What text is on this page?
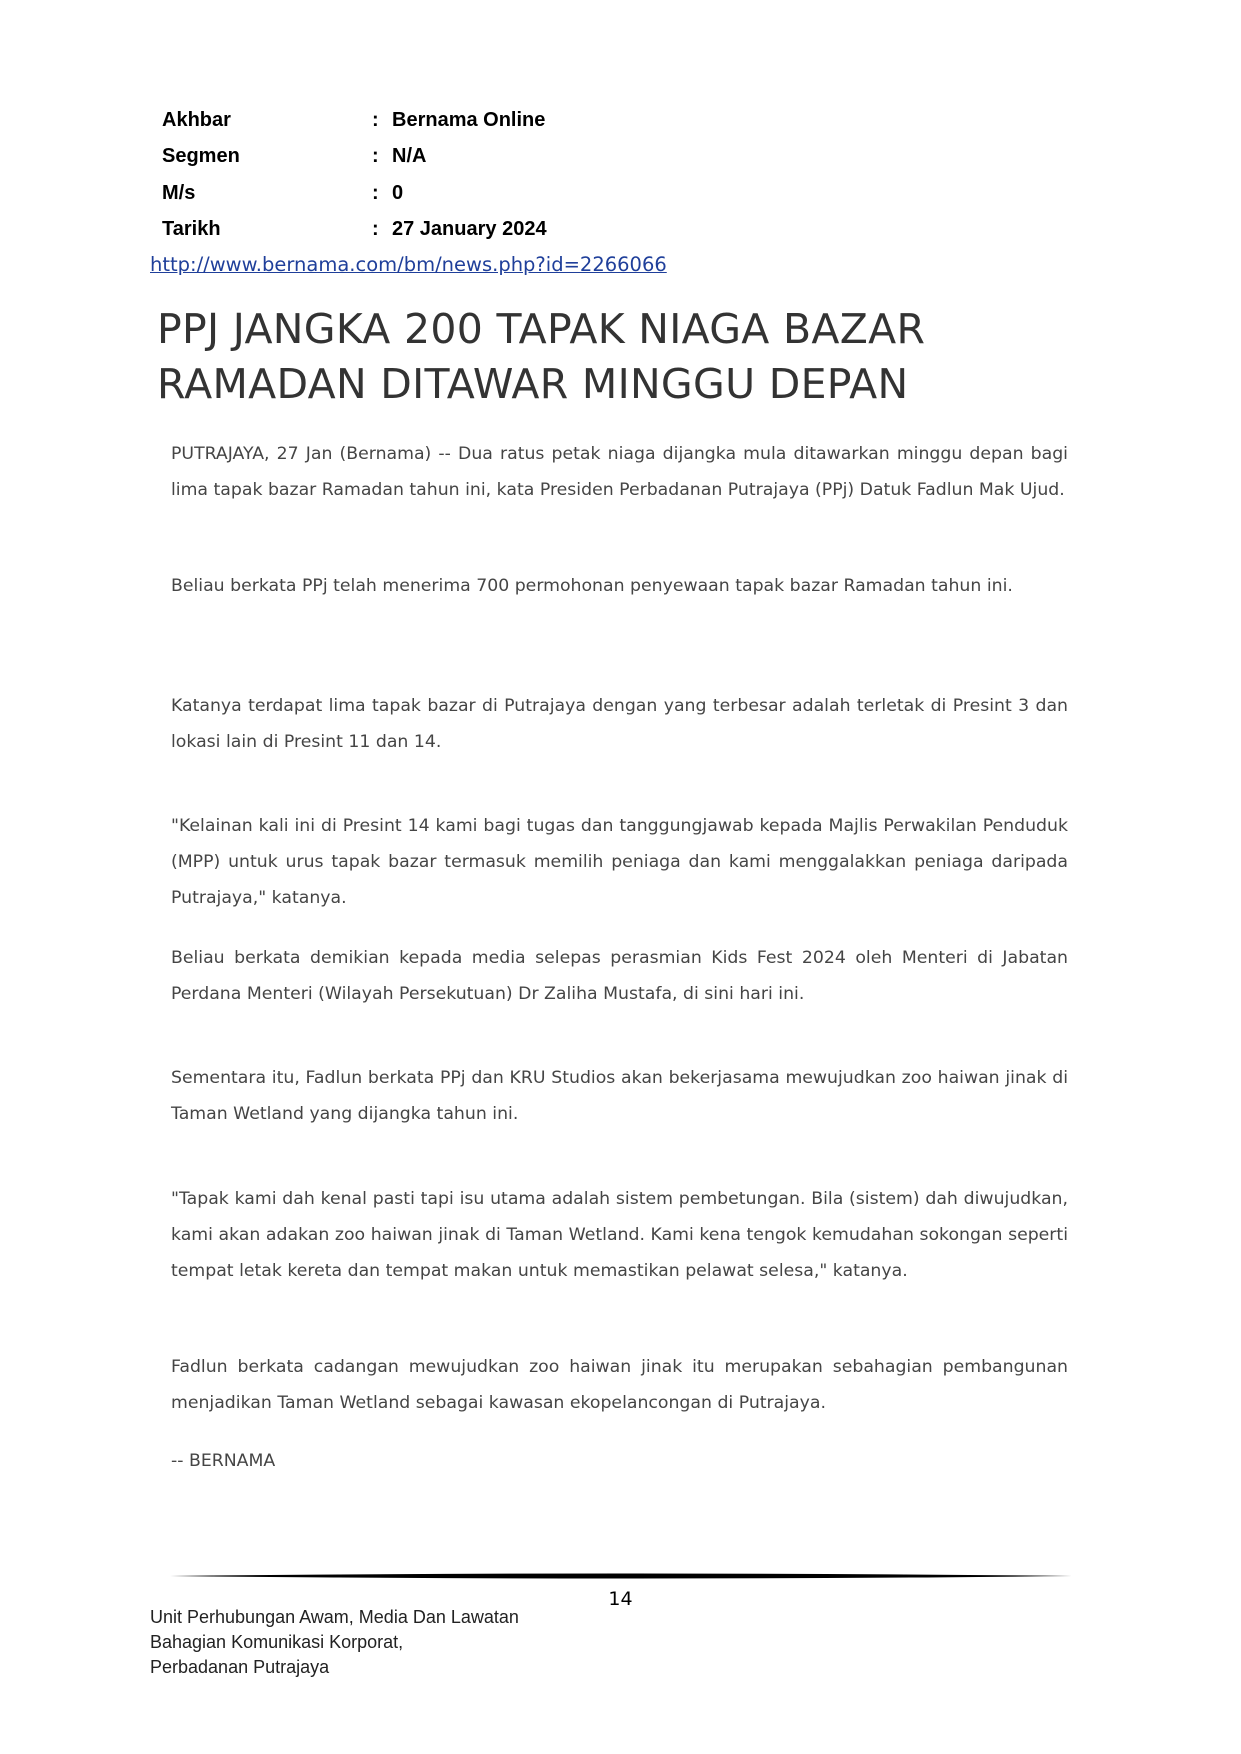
Akhbar	: Bernama Online
Segmen	: N/A
M/s	: 0
Tarikh	: 27 January 2024
http://www.bernama.com/bm/news.php?id=2266066
PPJ JANGKA 200 TAPAK NIAGA BAZAR
RAMADAN DITAWAR MINGGU DEPAN

PUTRAJAYA, 27 Jan (Bernama) -- Dua ratus petak niaga dijangka mula ditawarkan minggu depan bagi lima tapak bazar Ramadan tahun ini, kata Presiden Perbadanan Putrajaya (PPj) Datuk Fadlun Mak Ujud.

Beliau berkata PPj telah menerima 700 permohonan penyewaan tapak bazar Ramadan tahun ini.

Katanya terdapat lima tapak bazar di Putrajaya dengan yang terbesar adalah terletak di Presint 3 dan lokasi lain di Presint 11 dan 14.

"Kelainan kali ini di Presint 14 kami bagi tugas dan tanggungjawab kepada Majlis Perwakilan Penduduk (MPP) untuk urus tapak bazar termasuk memilih peniaga dan kami menggalakkan peniaga daripada Putrajaya," katanya.

Beliau berkata demikian kepada media selepas perasmian Kids Fest 2024 oleh Menteri di Jabatan Perdana Menteri (Wilayah Persekutuan) Dr Zaliha Mustafa, di sini hari ini.

Sementara itu, Fadlun berkata PPj dan KRU Studios akan bekerjasama mewujudkan zoo haiwan jinak di Taman Wetland yang dijangka tahun ini.

"Tapak kami dah kenal pasti tapi isu utama adalah sistem pembetungan. Bila (sistem) dah diwujudkan, kami akan adakan zoo haiwan jinak di Taman Wetland. Kami kena tengok kemudahan sokongan seperti tempat letak kereta dan tempat makan untuk memastikan pelawat selesa," katanya.

Fadlun berkata cadangan mewujudkan zoo haiwan jinak itu merupakan sebahagian pembangunan menjadikan Taman Wetland sebagai kawasan ekopelancongan di Putrajaya.

-- BERNAMA

14
Unit Perhubungan Awam, Media Dan Lawatan
Bahagian Komunikasi Korporat,
Perbadanan Putrajaya
